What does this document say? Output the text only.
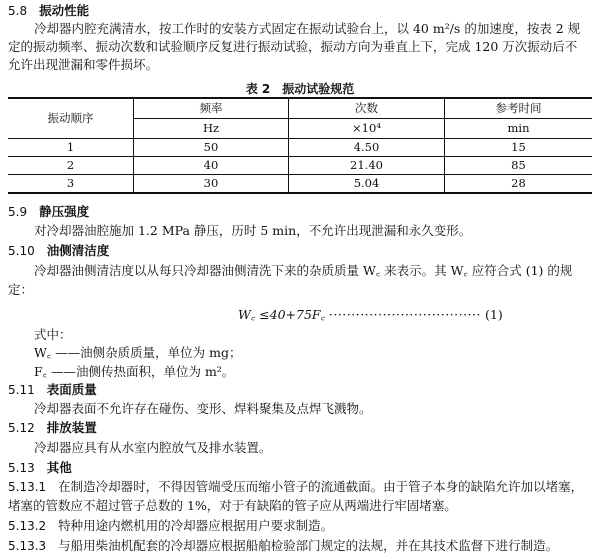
5.8 振动性能
冷却器内腔充满清水，按工作时的安装方式固定在振动试验台上，以 40 m²/s 的加速度，按表 2 规
定的振动频率、振动次数和试验顺序反复进行振动试验，振动方向为垂直上下，完成 120 万次振动后不
允许出现泄漏和零件损坏。
表 2　振动试验规范
振动顺序	频率	次数	参考时间
	Hz	×10⁴	min
1	50	4.50	15
2	40	21.40	85
3	30	5.04	28
5.9 静压强度
对冷却器油腔施加 1.2 MPa 静压，历时 5 min，不允许出现泄漏和永久变形。
5.10 油侧清洁度
冷却器油侧清洁度以从每只冷却器油侧清洗下来的杂质质量 W꜀ 来表示。其 W꜀ 应符合式 (1) 的规
定：
W꜀ ≤40+75F꜀ ·································· (1)
式中：
W꜀ ——油侧杂质质量，单位为 mg；
F꜀ ——油侧传热面积，单位为 m²。
5.11 表面质量
冷却器表面不允许存在碰伤、变形、焊料聚集及点焊飞溅物。
5.12 排放装置
冷却器应具有从水室内腔放气及排水装置。
5.13 其他
5.13.1 在制造冷却器时，不得因管端受压而缩小管子的流通截面。由于管子本身的缺陷允许加以堵塞，
堵塞的管数应不超过管子总数的 1%，对于有缺陷的管子应从两端进行牢固堵塞。
5.13.2 特种用途内燃机用的冷却器应根据用户要求制造。
5.13.3 与船用柴油机配套的冷却器应根据船舶检验部门规定的法规，并在其技术监督下进行制造。
